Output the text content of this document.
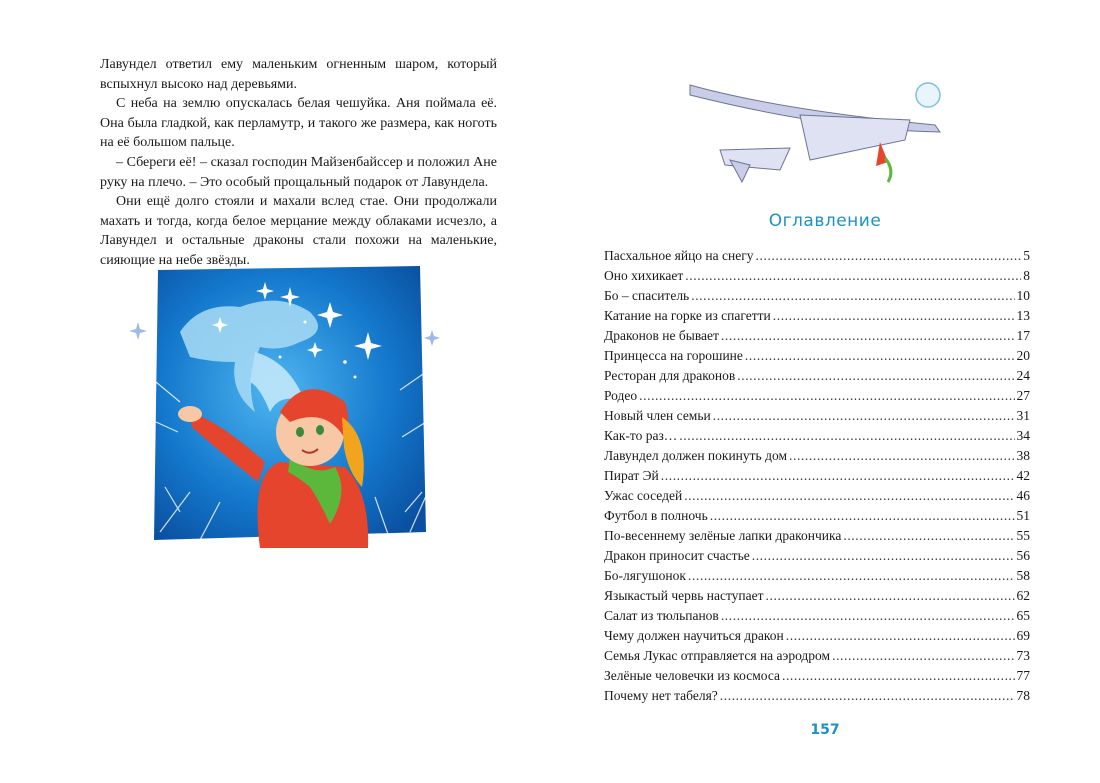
Лавундел ответил ему маленьким огненным шаром, который вспыхнул высоко над деревьями.

С неба на землю опускалась белая чешуйка. Аня поймала её. Она была гладкой, как перламутр, и такого же размера, как ноготь на её большом пальце.

– Сбереги её! – сказал господин Майзенбайссер и положил Ане руку на плечо. – Это особый прощальный подарок от Лавундела.

Они ещё долго стояли и махали вслед стае. Они продолжали махать и тогда, когда белое мерцание между облаками исчезло, а Лавундел и остальные драконы стали похожи на маленькие, сияющие на небе звёзды.

Оглавление
Пасхальное яйцо на снегу .....	5
Оно хихикает .....	8
Бо – спаситель .....	10
Катание на горке из спагетти .....	13
Драконов не бывает .....	17
Принцесса на горошине .....	20
Ресторан для драконов .....	24
Родео .....	27
Новый член семьи .....	31
Как-то раз… .....	34
Лавундел должен покинуть дом .....	38
Пират Эй .....	42
Ужас соседей .....	46
Футбол в полночь .....	51
По-весеннему зелёные лапки дракончика .....	55
Дракон приносит счастье .....	56
Бо-лягушонок .....	58
Языкастый червь наступает .....	62
Салат из тюльпанов .....	65
Чему должен научиться дракон .....	69
Семья Лукас отправляется на аэродром .....	73
Зелёные человечки из космоса .....	77
Почему нет табеля? .....	78
157
